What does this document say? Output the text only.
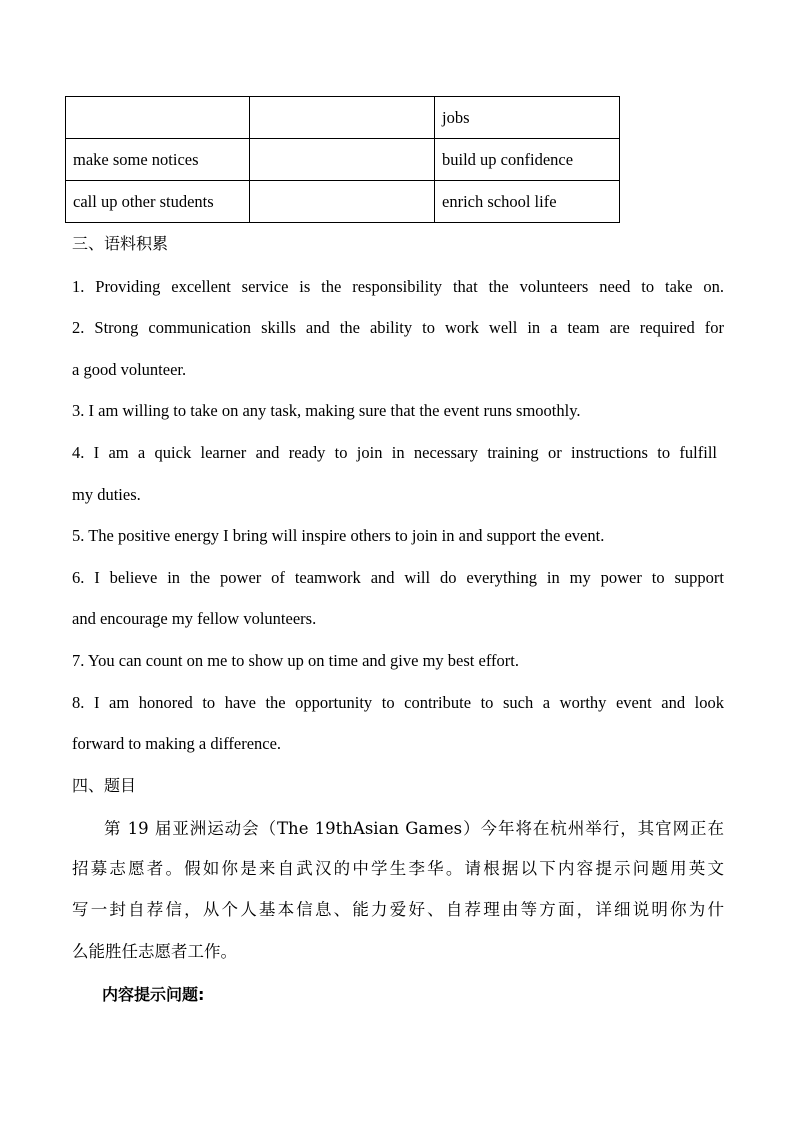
		jobs
make some notices		build up confidence
call up other students		enrich school life
三、语料积累
1. Providing excellent service is the responsibility that the volunteers need to take on.
2. Strong communication skills and the ability to work well in a team are required for
a good volunteer.
3. I am willing to take on any task, making sure that the event runs smoothly.
4. I am a quick learner and ready to join in necessary training or instructions to fulfill
my duties.
5. The positive energy I bring will inspire others to join in and support the event.
6. I believe in the power of teamwork and will do everything in my power to support
and encourage my fellow volunteers.
7. You can count on me to show up on time and give my best effort.
8. I am honored to have the opportunity to contribute to such a worthy event and look
forward to making a difference.
四、题目
第 19 届亚洲运动会（The 19thAsian Games）今年将在杭州举行，其官网正在
招募志愿者。假如你是来自武汉的中学生李华。请根据以下内容提示问题用英文
写一封自荐信，从个人基本信息、能力爱好、自荐理由等方面，详细说明你为什
么能胜任志愿者工作。
内容提示问题:
